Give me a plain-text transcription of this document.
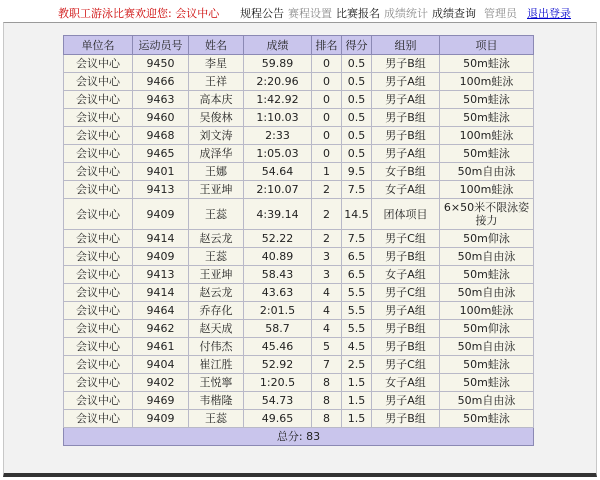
教职工游泳比赛欢迎您: 会议中心 规程公告 赛程设置 比赛报名 成绩统计 成绩查询 管理员 退出登录
单位名	运动员号	姓名	成绩	排名	得分	组别	项目
会议中心	9450	李星	59.89	0	0.5	男子B组	50m蛙泳
会议中心	9466	王祥	2:20.96	0	0.5	男子A组	100m蛙泳
会议中心	9463	高本庆	1:42.92	0	0.5	男子A组	50m蛙泳
会议中心	9460	吴俊林	1:10.03	0	0.5	男子B组	50m蛙泳
会议中心	9468	刘文涛	2:33	0	0.5	男子B组	100m蛙泳
会议中心	9465	成泽华	1:05.03	0	0.5	男子A组	50m蛙泳
会议中心	9401	王娜	54.64	1	9.5	女子B组	50m自由泳
会议中心	9413	王亚坤	2:10.07	2	7.5	女子A组	100m蛙泳
会议中心	9409	王蕊	4:39.14	2	14.5	团体项目	6×50米不限泳姿接力
会议中心	9414	赵云龙	52.22	2	7.5	男子C组	50m仰泳
会议中心	9409	王蕊	40.89	3	6.5	男子B组	50m自由泳
会议中心	9413	王亚坤	58.43	3	6.5	女子A组	50m蛙泳
会议中心	9414	赵云龙	43.63	4	5.5	男子C组	50m自由泳
会议中心	9464	乔存化	2:01.5	4	5.5	男子A组	100m蛙泳
会议中心	9462	赵天成	58.7	4	5.5	男子B组	50m仰泳
会议中心	9461	付伟杰	45.46	5	4.5	男子B组	50m自由泳
会议中心	9404	崔江胜	52.92	7	2.5	男子C组	50m蛙泳
会议中心	9402	王悦寧	1:20.5	8	1.5	女子A组	50m蛙泳
会议中心	9469	韦楷隆	54.73	8	1.5	男子A组	50m自由泳
会议中心	9409	王蕊	49.65	8	1.5	男子B组	50m蛙泳
总分: 83							
